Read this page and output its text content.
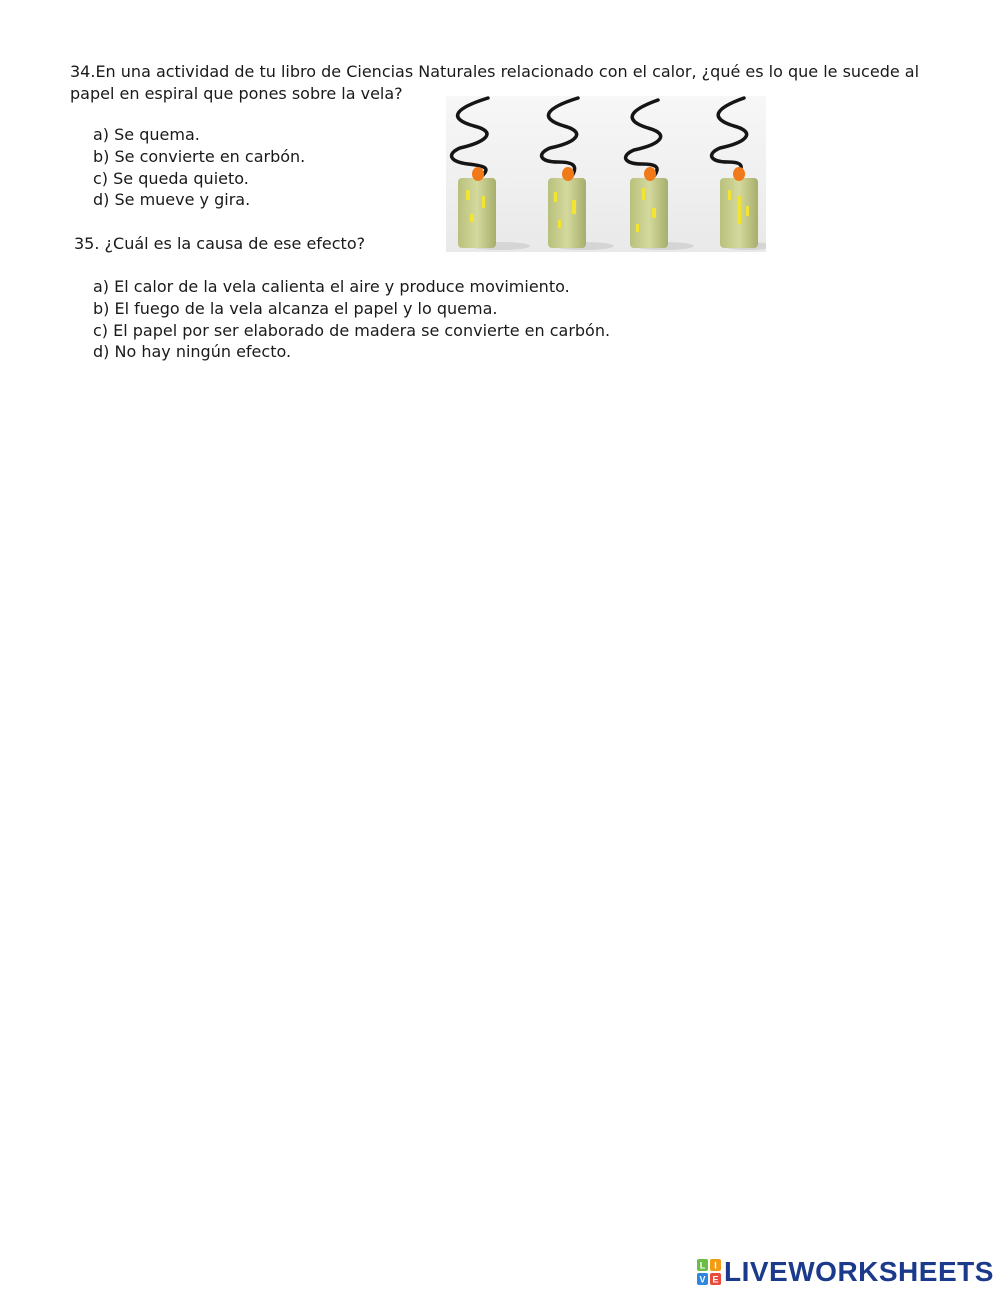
34.En una actividad de tu libro de Ciencias Naturales relacionado con el calor, ¿qué es lo que le sucede al papel en espiral que pones sobre la vela?
a) Se quema.
b) Se convierte en carbón.
c) Se queda quieto.
d) Se mueve y gira.
35. ¿Cuál es la causa de ese efecto?
a) El calor de la vela calienta el aire y produce movimiento.
b) El fuego de la vela alcanza el papel y lo quema.
c) El papel por ser elaborado de madera se convierte en carbón.
d) No hay ningún efecto.
L I
V E LIVEWORKSHEETS
